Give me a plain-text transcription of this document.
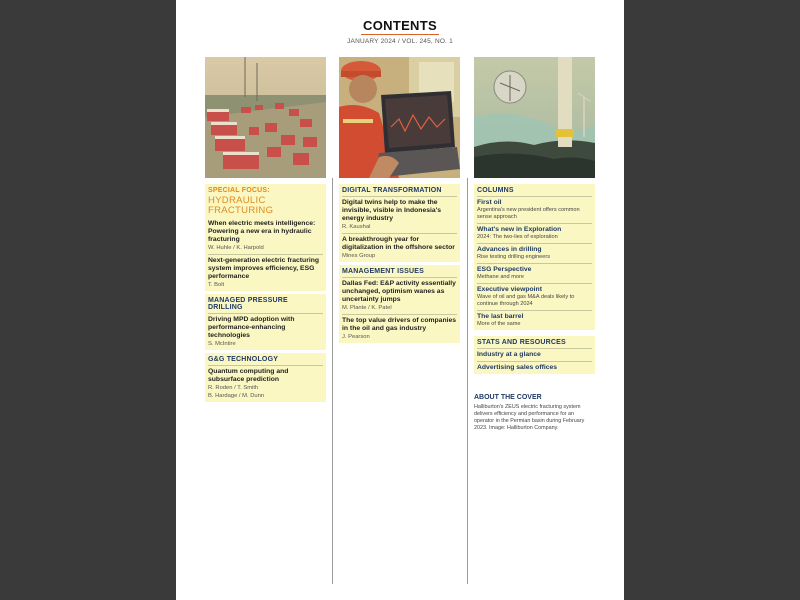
CONTENTS
JANUARY 2024 / VOL. 245, NO. 1
SPECIAL FOCUS:
HYDRAULIC FRACTURING
When electric meets intelligence: Powering a new era in hydraulic fracturing
W. Huhle / K. Harpold
Next-generation electric fracturing system improves efficiency, ESG performance
T. Bolt
MANAGED PRESSURE DRILLING
Driving MPD adoption with performance-enhancing technologies
S. McIntire
G&G TECHNOLOGY
Quantum computing and subsurface prediction
R. Roden / T. Smith
B. Hardage / M. Dunn
DIGITAL TRANSFORMATION
Digital twins help to make the invisible, visible in Indonesia's energy industry
R. Kaushal
A breakthrough year for digitalization in the offshore sector
Mines Group
MANAGEMENT ISSUES
Dallas Fed: E&P activity essentially unchanged, optimism wanes as uncertainty jumps
M. Plante / K. Patel
The top value drivers of companies in the oil and gas industry
J. Pearson
COLUMNS
First oil
Argentina's new president offers common sense approach
What's new in Exploration
2024: The two-lies of exploration
Advances in drilling
Rise testing drilling engineers
ESG Perspective
Methane and more
Executive viewpoint
Wave of oil and gas M&A deals likely to continue through 2024
The last barrel
More of the same
STATS AND RESOURCES
Industry at a glance
Advertising sales offices
ABOUT THE COVER
Halliburton's ZEUS electric fracturing system delivers efficiency and performance for an operator in the Permian basin during February 2023. Image: Halliburton Company.
